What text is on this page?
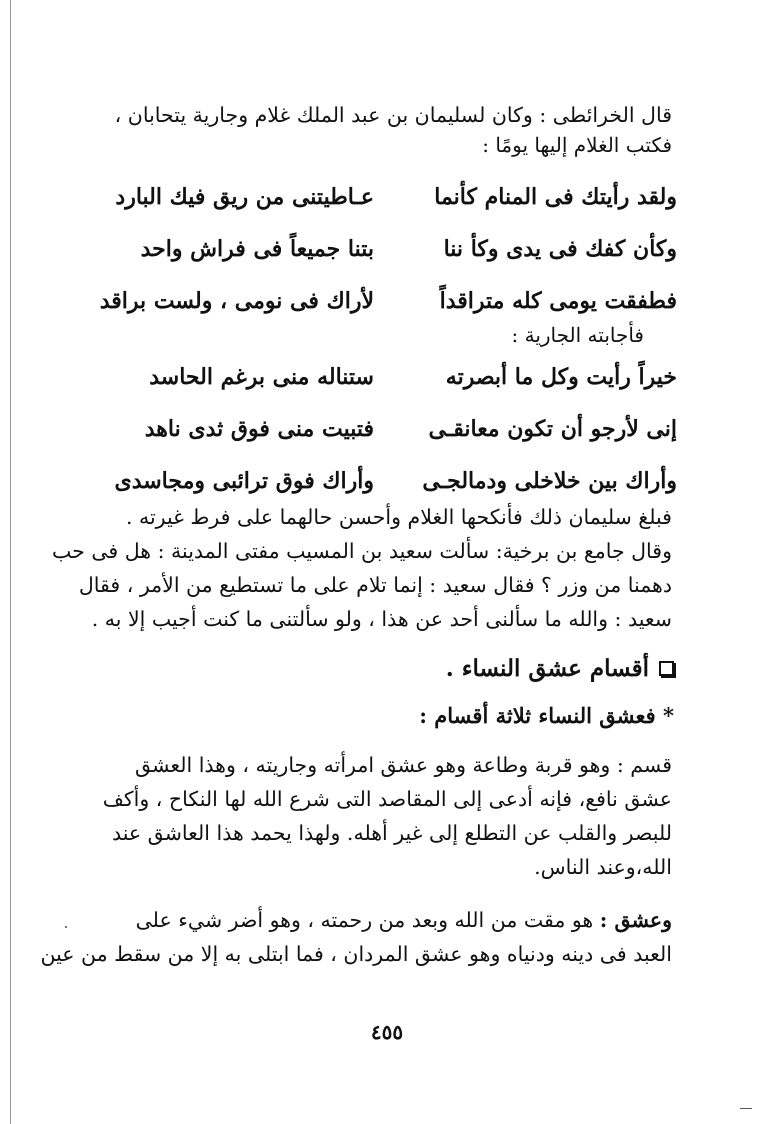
قال الخرائطى : وكان لسليمان بن عبد الملك غلام وجارية يتحابان ،
فكتب الغلام إليها يومًا :
ولقد رأيتك فى المنام كأنما
عـاطيتنى من ريق فيك البارد
وكأن كفك فى يدى وكأ ننا
بتنا جميعاً فى فراش واحد
فطفقت يومى كله متراقداً
لأراك فى نومى ، ولست براقد
فأجابته الجارية :
خيراً رأيت وكل ما أبصرته
ستناله منى برغم الحاسد
إنى لأرجو أن تكون معانقـى
فتبيت منى فوق ثدى ناهد
وأراك بين خلاخلى ودمالجـى
وأراك فوق ترائبى ومجاسدى
فبلغ سليمان ذلك فأنكحها الغلام وأحسن حالهما على فرط غيرته .
وقال جامع بن برخية: سألت سعيد بن المسيب مفتى المدينة : هل فى حب
دهمنا من وزر ؟ فقال سعيد : إنما تلام على ما تستطيع من الأمر ، فقال
سعيد : والله ما سألنى أحد عن هذا ، ولو سألتنى ما كنت أجيب إلا به .
أقسام عشق النساء .
* فعشق النساء ثلاثة أقسام :
قسم : وهو قربة وطاعة وهو عشق امرأته وجاريته ، وهذا العشق
عشق نافع، فإنه أدعى إلى المقاصد التى شرع الله لها النكاح ، وأكف
للبصر والقلب عن التطلع إلى غير أهله. ولهذا يحمد هذا العاشق عند
الله،وعند الناس.
وعشق : هو مقت من الله وبعد من رحمته ، وهو أضر شيء على
العبد فى دينه ودنياه وهو عشق المردان ، فما ابتلى به إلا من سقط من عين
٤٥٥
